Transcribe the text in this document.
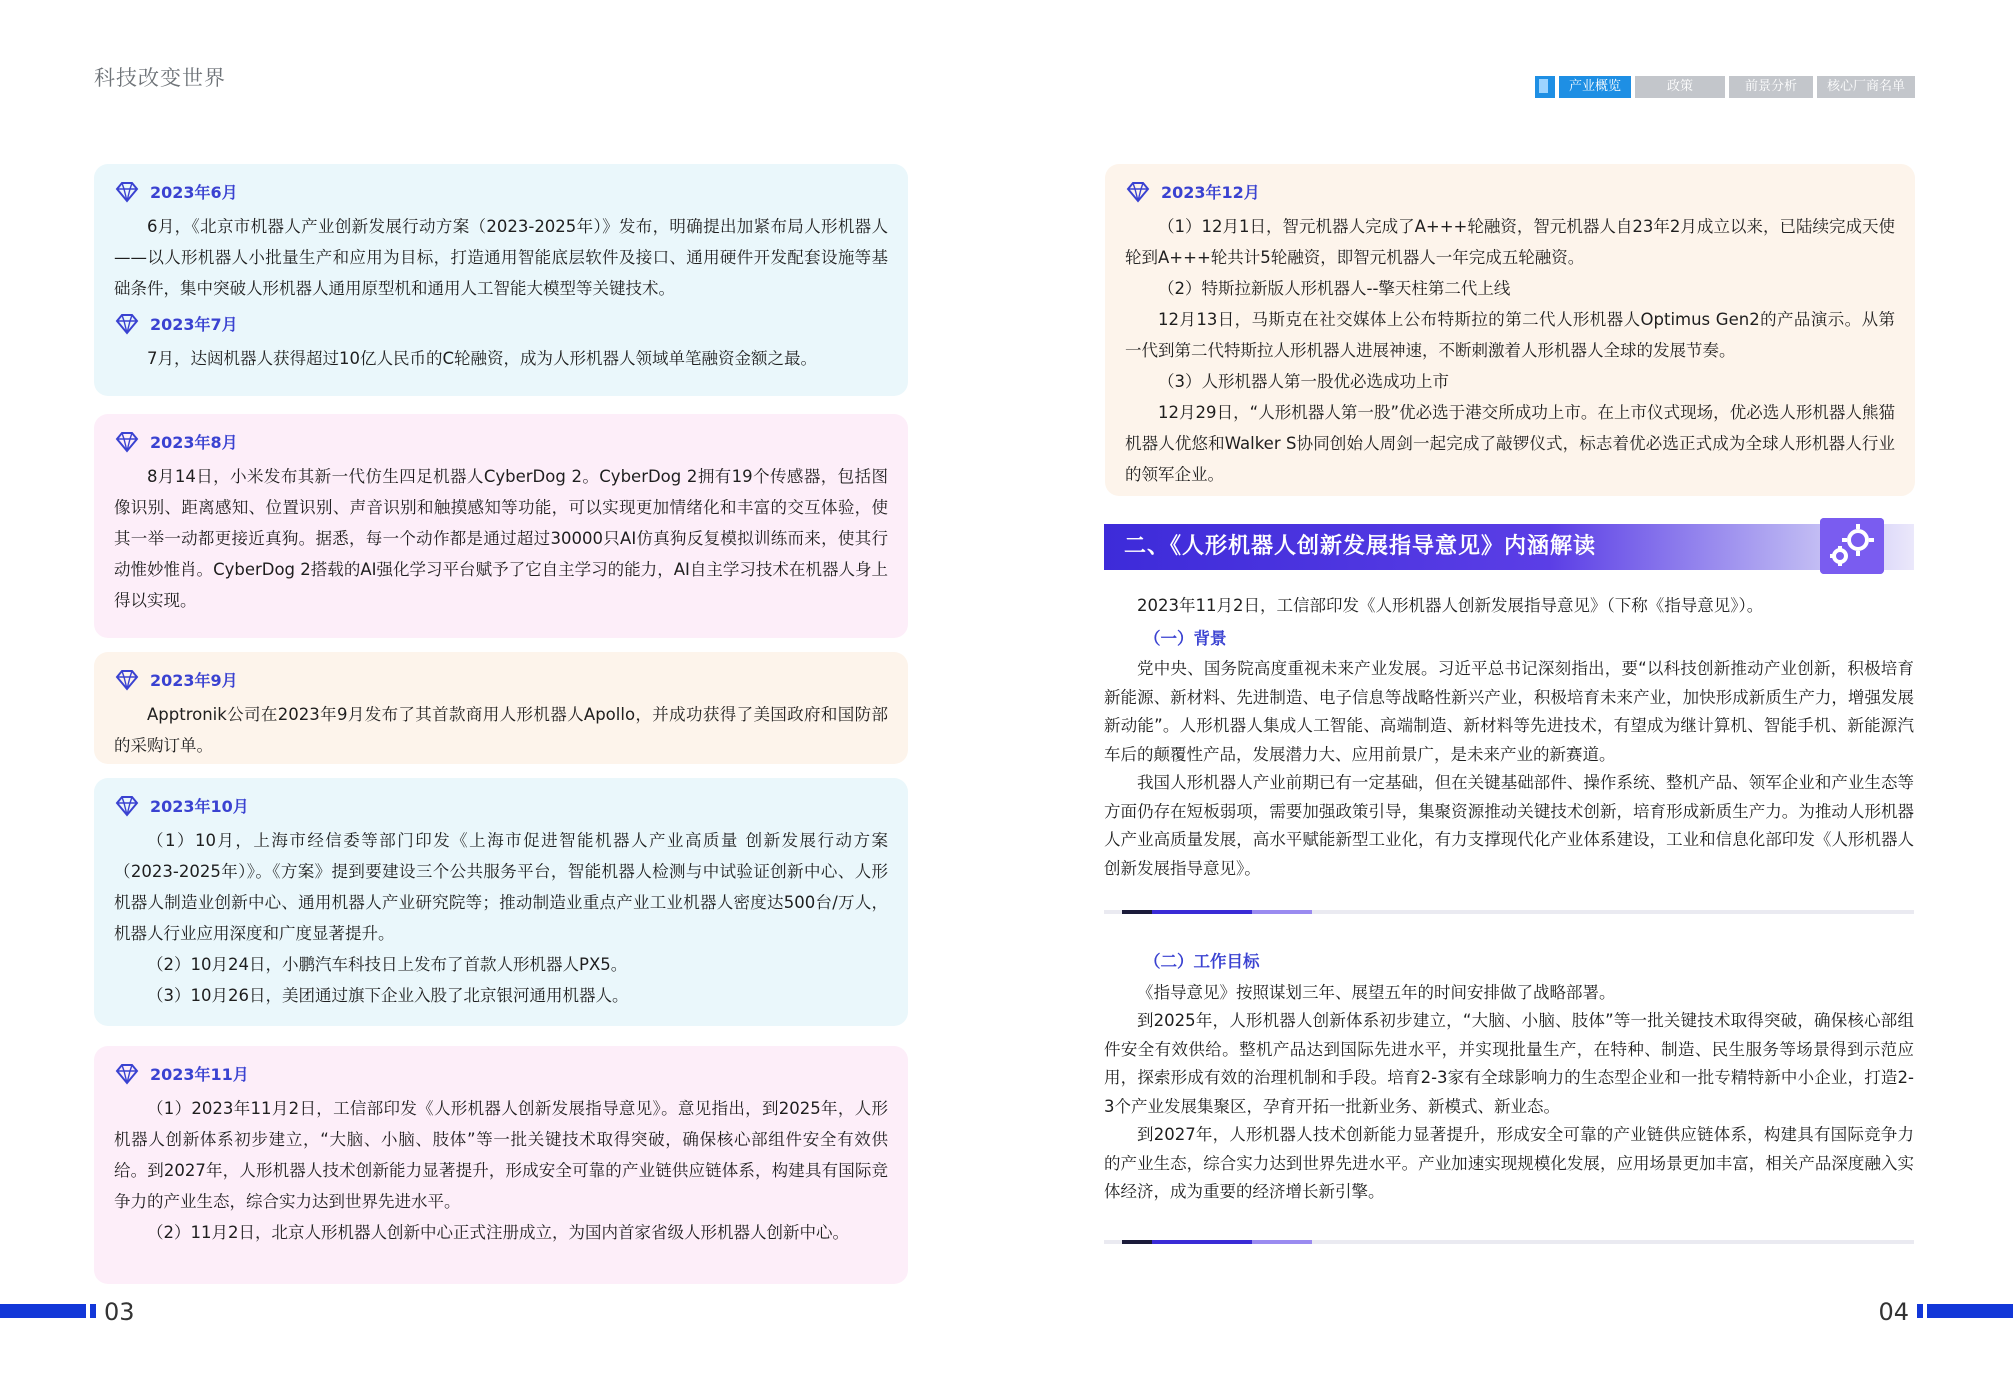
科技改变世界	产业概览	政策	前景分析	核心厂商名单
2023年6月

6月，《北京市机器人产业创新发展行动方案（2023-2025年）》发布，明确提出加紧布局人形机器人——以人形机器人小批量生产和应用为目标，打造通用智能底层软件及接口、通用硬件开发配套设施等基础条件，集中突破人形机器人通用原型机和通用人工智能大模型等关键技术。

2023年7月

7月，达闼机器人获得超过10亿人民币的C轮融资，成为人形机器人领域单笔融资金额之最。

2023年8月

8月14日，小米发布其新一代仿生四足机器人CyberDog 2。CyberDog 2拥有19个传感器，包括图像识别、距离感知、位置识别、声音识别和触摸感知等功能，可以实现更加情绪化和丰富的交互体验，使其一举一动都更接近真狗。据悉，每一个动作都是通过超过30000只AI仿真狗反复模拟训练而来，使其行动惟妙惟肖。CyberDog 2搭载的AI强化学习平台赋予了它自主学习的能力，AI自主学习技术在机器人身上得以实现。

2023年9月

Apptronik公司在2023年9月发布了其首款商用人形机器人Apollo，并成功获得了美国政府和国防部的采购订单。

2023年10月

（1）10月，上海市经信委等部门印发《上海市促进智能机器人产业高质量 创新发展行动方案（2023-2025年）》。《方案》提到要建设三个公共服务平台，智能机器人检测与中试验证创新中心、人形机器人制造业创新中心、通用机器人产业研究院等；推动制造业重点产业工业机器人密度达500台/万人，机器人行业应用深度和广度显著提升。

（2）10月24日，小鹏汽车科技日上发布了首款人形机器人PX5。

（3）10月26日，美团通过旗下企业入股了北京银河通用机器人。

2023年11月

（1）2023年11月2日，工信部印发《人形机器人创新发展指导意见》。意见指出，到2025年，人形机器人创新体系初步建立，“大脑、小脑、肢体”等一批关键技术取得突破，确保核心部组件安全有效供给。到2027年，人形机器人技术创新能力显著提升，形成安全可靠的产业链供应链体系，构建具有国际竞争力的产业生态，综合实力达到世界先进水平。

（2）11月2日，北京人形机器人创新中心正式注册成立，为国内首家省级人形机器人创新中心。

2023年12月

（1）12月1日，智元机器人完成了A+++轮融资，智元机器人自23年2月成立以来，已陆续完成天使轮到A+++轮共计5轮融资，即智元机器人一年完成五轮融资。

（2）特斯拉新版人形机器人--擎天柱第二代上线

12月13日，马斯克在社交媒体上公布特斯拉的第二代人形机器人Optimus Gen2的产品演示。从第一代到第二代特斯拉人形机器人进展神速，不断刺激着人形机器人全球的发展节奏。

（3）人形机器人第一股优必选成功上市

12月29日，“人形机器人第一股”优必选于港交所成功上市。在上市仪式现场，优必选人形机器人熊猫机器人优悠和Walker S协同创始人周剑一起完成了敲锣仪式，标志着优必选正式成为全球人形机器人行业的领军企业。

二、《人形机器人创新发展指导意见》内涵解读

2023年11月2日，工信部印发《人形机器人创新发展指导意见》（下称《指导意见》）。

（一）背景

党中央、国务院高度重视未来产业发展。习近平总书记深刻指出，要“以科技创新推动产业创新，积极培育新能源、新材料、先进制造、电子信息等战略性新兴产业，积极培育未来产业，加快形成新质生产力，增强发展新动能”。人形机器人集成人工智能、高端制造、新材料等先进技术，有望成为继计算机、智能手机、新能源汽车后的颠覆性产品，发展潜力大、应用前景广，是未来产业的新赛道。

我国人形机器人产业前期已有一定基础，但在关键基础部件、操作系统、整机产品、领军企业和产业生态等方面仍存在短板弱项，需要加强政策引导，集聚资源推动关键技术创新，培育形成新质生产力。为推动人形机器人产业高质量发展，高水平赋能新型工业化，有力支撑现代化产业体系建设，工业和信息化部印发《人形机器人创新发展指导意见》。

（二）工作目标

《指导意见》按照谋划三年、展望五年的时间安排做了战略部署。

到2025年，人形机器人创新体系初步建立，“大脑、小脑、肢体”等一批关键技术取得突破，确保核心部组件安全有效供给。整机产品达到国际先进水平，并实现批量生产，在特种、制造、民生服务等场景得到示范应用，探索形成有效的治理机制和手段。培育2-3家有全球影响力的生态型企业和一批专精特新中小企业，打造2-3个产业发展集聚区，孕育开拓一批新业务、新模式、新业态。

到2027年，人形机器人技术创新能力显著提升，形成安全可靠的产业链供应链体系，构建具有国际竞争力的产业生态，综合实力达到世界先进水平。产业加速实现规模化发展，应用场景更加丰富，相关产品深度融入实体经济，成为重要的经济增长新引擎。

03	04
